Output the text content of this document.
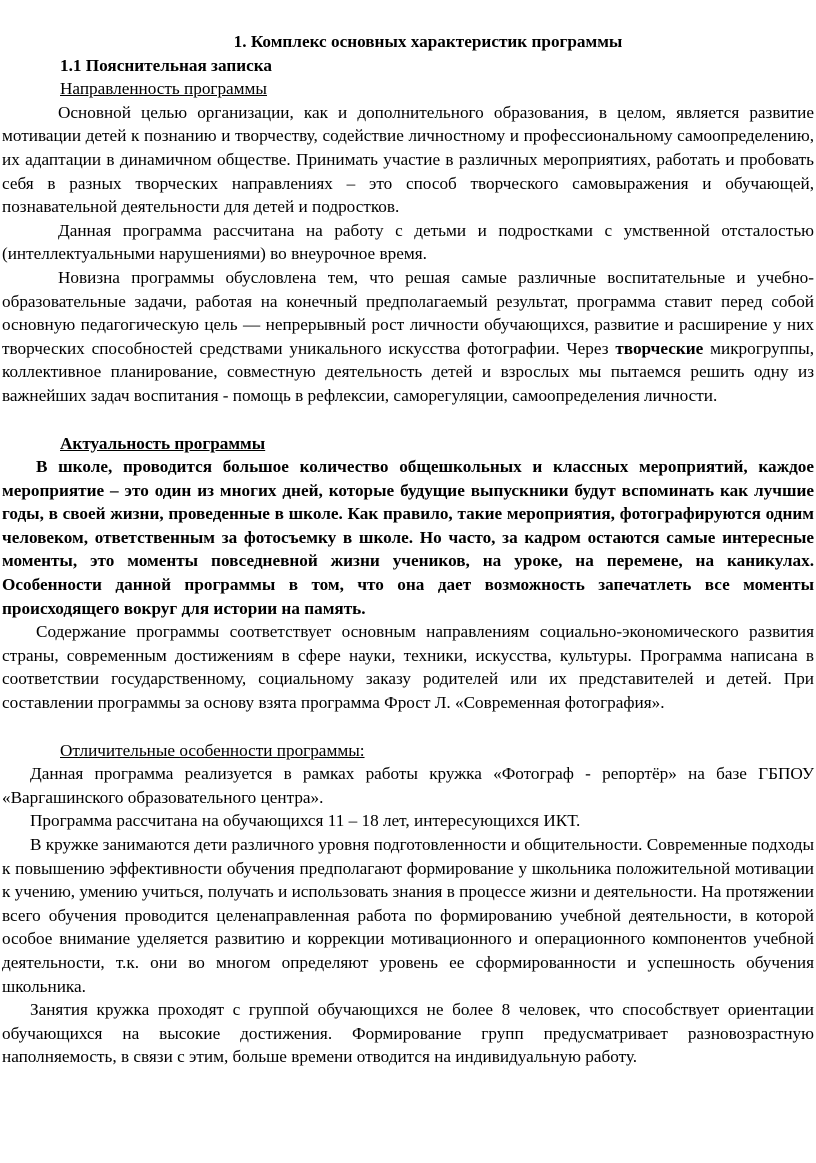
1. Комплекс основных характеристик программы
1.1 Пояснительная записка
Направленность программы

Основной целью организации, как и дополнительного образования, в целом, является развитие мотивации детей к познанию и творчеству, содействие личностному и профессиональному самоопределению, их адаптации в динамичном обществе. Принимать участие в различных мероприятиях, работать и пробовать себя в разных творческих направлениях – это способ творческого самовыражения и обучающей, познавательной деятельности для детей и подростков.

Данная программа рассчитана на работу с детьми и подростками с умственной отсталостью (интеллектуальными нарушениями) во внеурочное время.

Новизна программы обусловлена тем, что решая самые различные воспитательные и учебно-образовательные задачи, работая на конечный предполагаемый результат, программа ставит перед собой основную педагогическую цель — непрерывный рост личности обучающихся, развитие и расширение у них творческих способностей средствами уникального искусства фотографии. Через творческие микрогруппы, коллективное планирование, совместную деятельность детей и взрослых мы пытаемся решить одну из важнейших задач воспитания - помощь в рефлексии, саморегуляции, самоопределения личности.

Актуальность программы

В школе, проводится большое количество общешкольных и классных мероприятий, каждое мероприятие – это один из многих дней, которые будущие выпускники будут вспоминать как лучшие годы, в своей жизни, проведенные в школе. Как правило, такие мероприятия, фотографируются одним человеком, ответственным за фотосъемку в школе. Но часто, за кадром остаются самые интересные моменты, это моменты повседневной жизни учеников, на уроке, на перемене, на каникулах. Особенности данной программы в том, что она дает возможность запечатлеть все моменты происходящего вокруг для истории на память.

Содержание программы соответствует основным направлениям социально-экономического развития страны, современным достижениям в сфере науки, техники, искусства, культуры. Программа написана в соответствии государственному, социальному заказу родителей или их представителей и детей. При составлении программы за основу взята программа Фрост Л. «Современная фотография».

Отличительные особенности программы:

Данная программа реализуется в рамках работы кружка «Фотограф - репортёр» на базе ГБПОУ «Варгашинского образовательного центра».

Программа рассчитана на обучающихся 11 – 18 лет, интересующихся ИКТ.

В кружке занимаются дети различного уровня подготовленности и общительности. Современные подходы к повышению эффективности обучения предполагают формирование у школьника положительной мотивации к учению, умению учиться, получать и использовать знания в процессе жизни и деятельности. На протяжении всего обучения проводится целенаправленная работа по формированию учебной деятельности, в которой особое внимание уделяется развитию и коррекции мотивационного и операционного компонентов учебной деятельности, т.к. они во многом определяют уровень ее сформированности и успешность обучения школьника.

Занятия кружка проходят с группой обучающихся не более 8 человек, что способствует ориентации обучающихся на высокие достижения. Формирование групп предусматривает разновозрастную наполняемость, в связи с этим, больше времени отводится на индивидуальную работу.
